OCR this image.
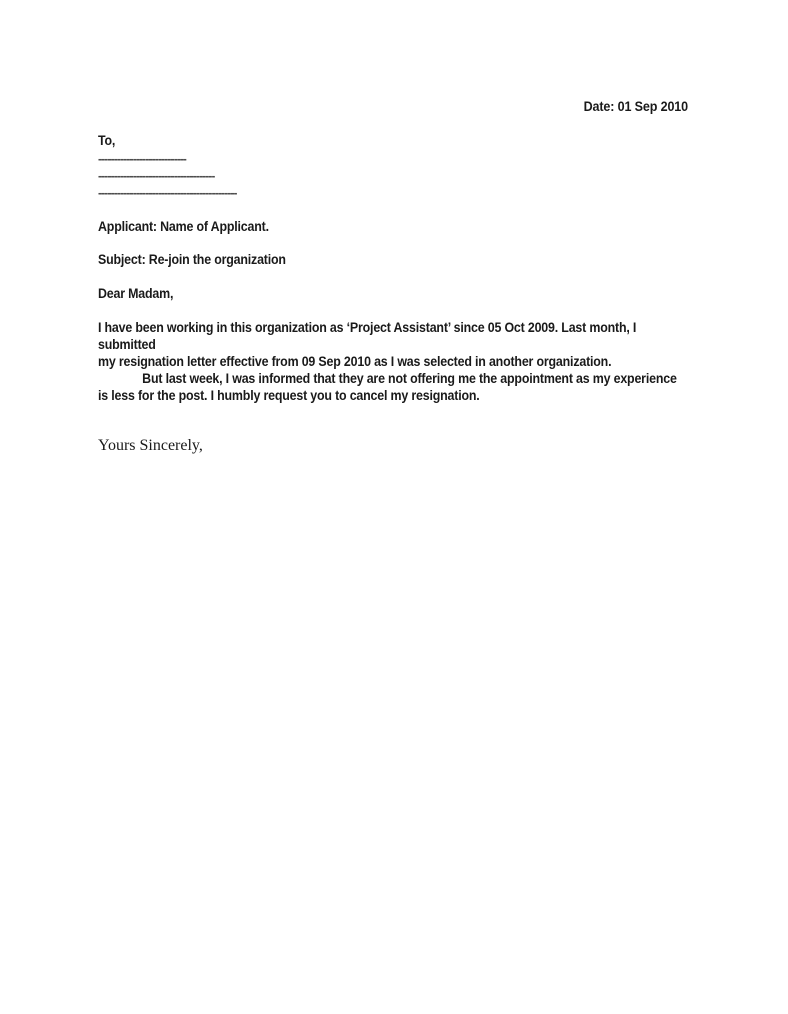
Date: 01 Sep 2010
To,
----------------------------
-------------------------------------
--------------------------------------------
Applicant: Name of Applicant.
Subject: Re-join the organization
Dear Madam,
I have been working in this organization as ‘Project Assistant’ since 05 Oct 2009. Last month, I submitted
my resignation letter effective from 09 Sep 2010 as I was selected in another organization.
But last week, I was informed that they are not offering me the appointment as my experience
is less for the post. I humbly request you to cancel my resignation.
Yours Sincerely,
